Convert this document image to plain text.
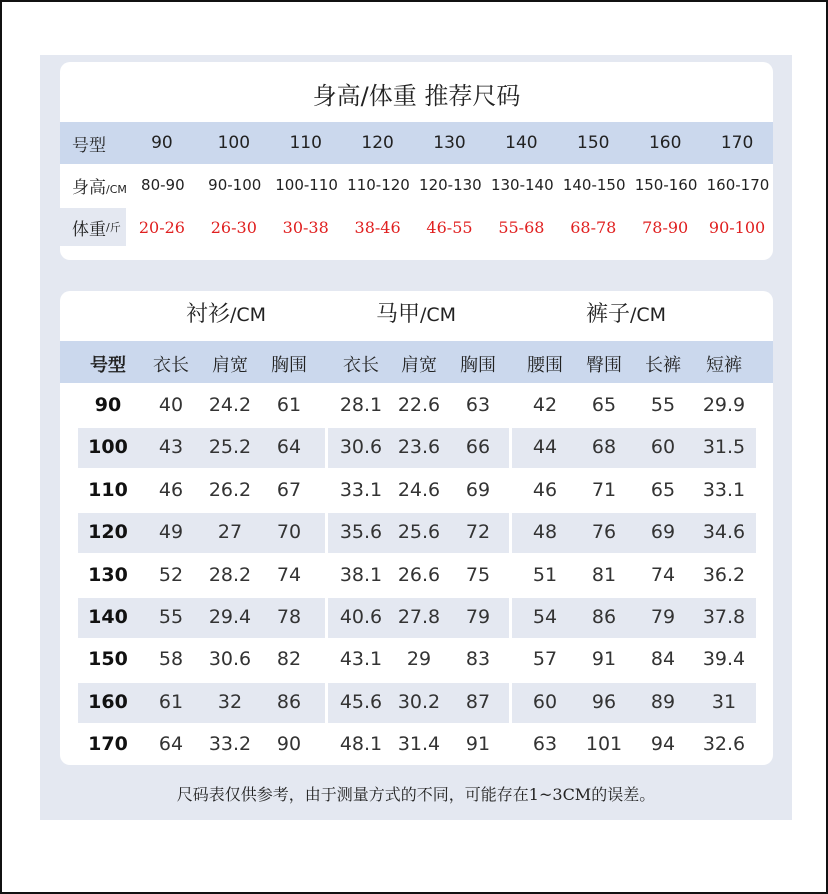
身高/体重 推荐尺码
号型	90	100	110	120	130	140	150	160	170
身高/CM 80-90	90-100 100-110 110-120 120-130 130-140 140-150 150-160 160-170
体重 /斤	20-26	26-30	30-38	38-46	46-55	55-68	68-78	78-90	90-100
衬衫/CM	马甲/CM	裤子/CM
号型 衣长 肩宽 胸围 衣长 肩宽 胸围 腰围 臀围 长裤 短裤
90 40 24.2 61 28.1 22.6 63 42 65 55 29.9
100 43 25.2 64 30.6 23.6 66 44 68 60 31.5
110 46 26.2 67 33.1 24.6 69 46 71 65 33.1
120 49 27 70 35.6 25.6 72 48 76 69 34.6
130 52 28.2 74 38.1 26.6 75 51 81 74 36.2
140 55 29.4 78 40.6 27.8 79 54 86 79 37.8
150 58 30.6 82 43.1 29 83 57 91 84 39.4
160 61 32 86 45.6 30.2 87 60 96 89 31
170 64 33.2 90 48.1 31.4 91 63 101 94 32.6
尺码表仅供参考，由于测量方式的不同，可能存在1~3CM的误差。
